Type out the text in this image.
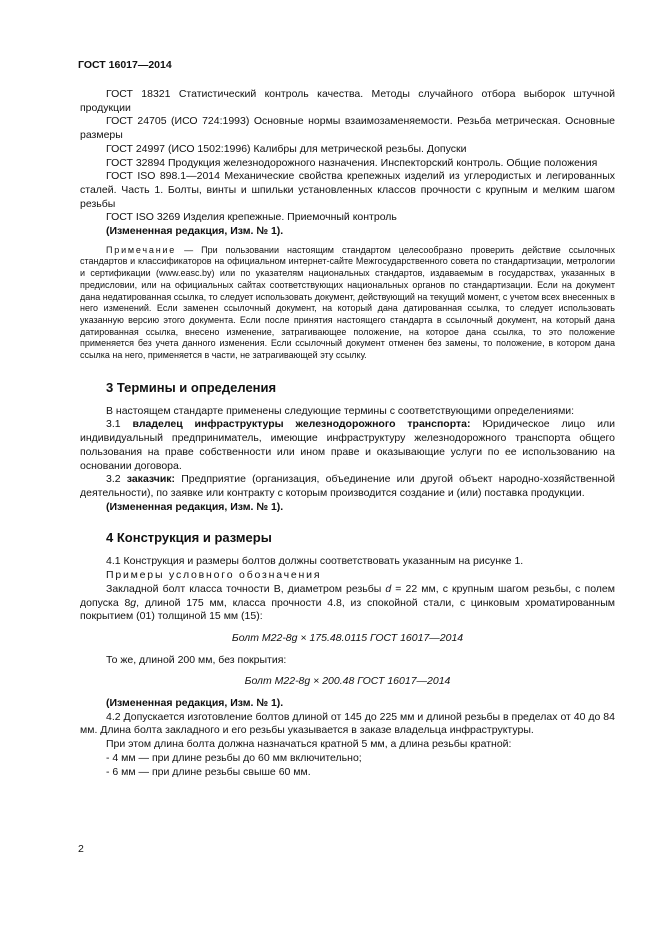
ГОСТ 16017—2014

ГОСТ 18321 Статистический контроль качества. Методы случайного отбора выборок штучной продукции

ГОСТ 24705 (ИСО 724:1993) Основные нормы взаимозаменяемости. Резьба метрическая. Основные размеры

ГОСТ 24997 (ИСО 1502:1996) Калибры для метрической резьбы. Допуски

ГОСТ 32894 Продукция железнодорожного назначения. Инспекторский контроль. Общие положения

ГОСТ ISO 898.1—2014 Механические свойства крепежных изделий из углеродистых и легированных сталей. Часть 1. Болты, винты и шпильки установленных классов прочности с крупным и мелким шагом резьбы

ГОСТ ISO 3269 Изделия крепежные. Приемочный контроль

(Измененная редакция, Изм. № 1).

Примечание — При пользовании настоящим стандартом целесообразно проверить действие ссылочных стандартов и классификаторов на официальном интернет-сайте Межгосударственного совета по стандартизации, метрологии и сертификации (www.easc.by) или по указателям национальных стандартов, издаваемым в государствах, указанных в предисловии, или на официальных сайтах соответствующих национальных органов по стандартизации. Если на документ дана недатированная ссылка, то следует использовать документ, действующий на текущий момент, с учетом всех внесенных в него изменений. Если заменен ссылочный документ, на который дана датированная ссылка, то следует использовать указанную версию этого документа. Если после принятия настоящего стандарта в ссылочный документ, на который дана датированная ссылка, внесено изменение, затрагивающее положение, на которое дана ссылка, то это положение применяется без учета данного изменения. Если ссылочный документ отменен без замены, то положение, в котором дана ссылка на него, применяется в части, не затрагивающей эту ссылку.

3 Термины и определения

В настоящем стандарте применены следующие термины с соответствующими определениями:

3.1 владелец инфраструктуры железнодорожного транспорта: Юридическое лицо или индивидуальный предприниматель, имеющие инфраструктуру железнодорожного транспорта общего пользования на праве собственности или ином праве и оказывающие услуги по ее использованию на основании договора.

3.2 заказчик: Предприятие (организация, объединение или другой объект народно-хозяйственной деятельности), по заявке или контракту с которым производится создание и (или) поставка продукции.

(Измененная редакция, Изм. № 1).

4 Конструкция и размеры

4.1 Конструкция и размеры болтов должны соответствовать указанным на рисунке 1.

Примеры условного обозначения

Закладной болт класса точности В, диаметром резьбы d = 22 мм, с крупным шагом резьбы, с полем допуска 8g, длиной 175 мм, класса прочности 4.8, из спокойной стали, с цинковым хроматированным покрытием (01) толщиной 15 мм (15):

Болт М22-8g × 175.48.0115 ГОСТ 16017—2014

То же, длиной 200 мм, без покрытия:

Болт М22-8g × 200.48 ГОСТ 16017—2014

(Измененная редакция, Изм. № 1).

4.2 Допускается изготовление болтов длиной от 145 до 225 мм и длиной резьбы в пределах от 40 до 84 мм. Длина болта закладного и его резьбы указывается в заказе владельца инфраструктуры.

При этом длина болта должна назначаться кратной 5 мм, а длина резьбы кратной:

- 4 мм — при длине резьбы до 60 мм включительно;

- 6 мм — при длине резьбы свыше 60 мм.

2
